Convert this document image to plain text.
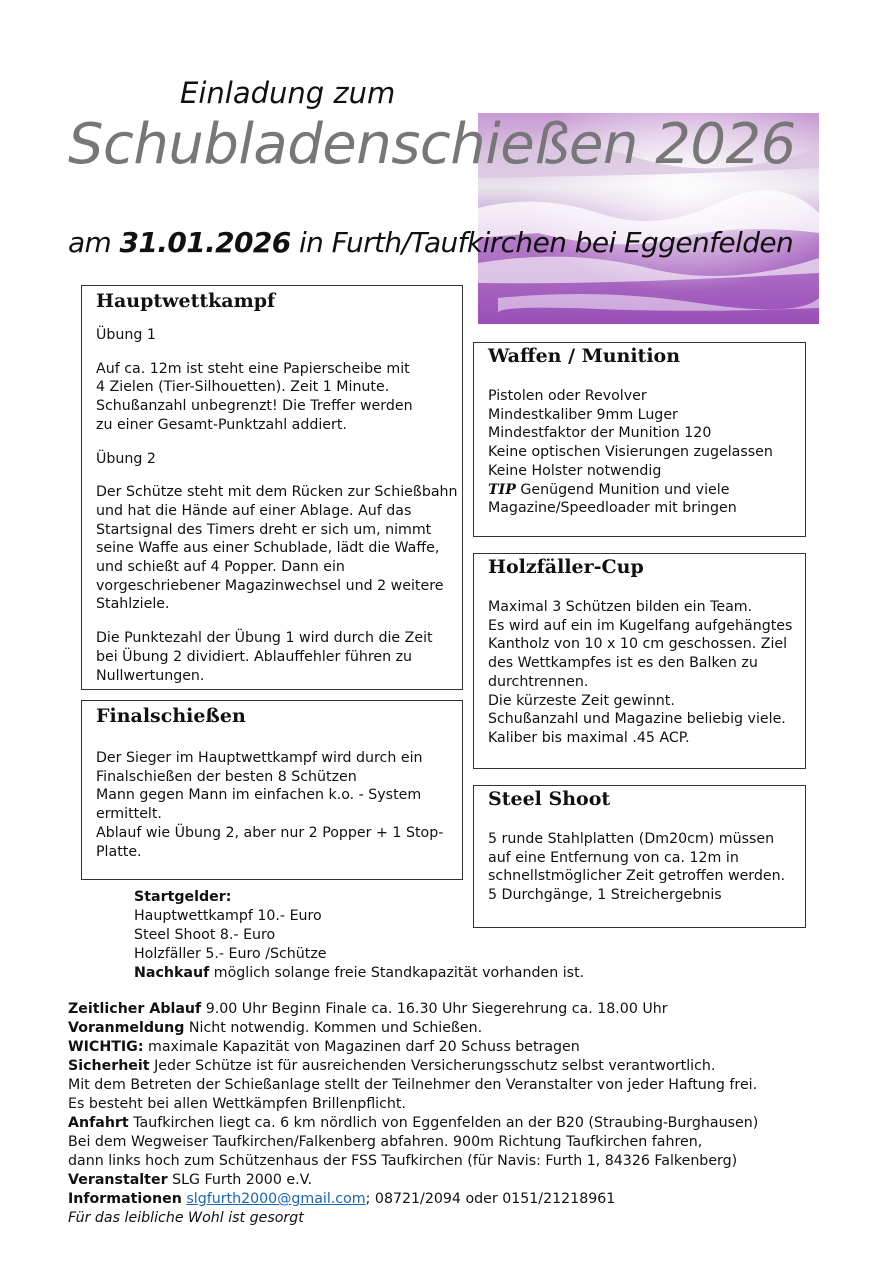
Einladung zum
Schubladenschießen 2026
am 31.01.2026 in Furth/Taufkirchen bei Eggenfelden
Hauptwettkampf

Übung 1

Auf ca. 12m ist steht eine Papierscheibe mit

4 Zielen (Tier-Silhouetten). Zeit 1 Minute.

Schußanzahl unbegrenzt! Die Treffer werden

zu einer Gesamt-Punktzahl addiert.

Übung 2

Der Schütze steht mit dem Rücken zur Schießbahn

und hat die Hände auf einer Ablage. Auf das

Startsignal des Timers dreht er sich um, nimmt

seine Waffe aus einer Schublade, lädt die Waffe,

und schießt auf 4 Popper. Dann ein

vorgeschriebener Magazinwechsel und 2 weitere

Stahlziele.

Die Punktezahl der Übung 1 wird durch die Zeit

bei Übung 2 dividiert. Ablauffehler führen zu

Nullwertungen.

Finalschießen

Der Sieger im Hauptwettkampf wird durch ein

Finalschießen der besten 8 Schützen

Mann gegen Mann im einfachen k.o. - System

ermittelt.

Ablauf wie Übung 2, aber nur 2 Popper + 1 Stop-

Platte.

Waffen / Munition

Pistolen oder Revolver

Mindestkaliber 9mm Luger

Mindestfaktor der Munition 120

Keine optischen Visierungen zugelassen

Keine Holster notwendig

TIP Genügend Munition und viele

Magazine/Speedloader mit bringen

Holzfäller-Cup

Maximal 3 Schützen bilden ein Team.

Es wird auf ein im Kugelfang aufgehängtes

Kantholz von 10 x 10 cm geschossen. Ziel

des Wettkampfes ist es den Balken zu

durchtrennen.

Die kürzeste Zeit gewinnt.

Schußanzahl und Magazine beliebig viele.

Kaliber bis maximal .45 ACP.

Steel Shoot

5 runde Stahlplatten (Dm20cm) müssen

auf eine Entfernung von ca. 12m in

schnellstmöglicher Zeit getroffen werden.

5 Durchgänge, 1 Streichergebnis

Startgelder:
Hauptwettkampf 10.- Euro
Steel Shoot 8.- Euro
Holzfäller 5.- Euro /Schütze
Nachkauf möglich solange freie Standkapazität vorhanden ist.
Zeitlicher Ablauf 9.00 Uhr Beginn Finale ca. 16.30 Uhr Siegerehrung ca. 18.00 Uhr
Voranmeldung Nicht notwendig. Kommen und Schießen.
WICHTIG: maximale Kapazität von Magazinen darf 20 Schuss betragen
Sicherheit Jeder Schütze ist für ausreichenden Versicherungsschutz selbst verantwortlich.
Mit dem Betreten der Schießanlage stellt der Teilnehmer den Veranstalter von jeder Haftung frei.
Es besteht bei allen Wettkämpfen Brillenpflicht.
Anfahrt Taufkirchen liegt ca. 6 km nördlich von Eggenfelden an der B20 (Straubing-Burghausen)
Bei dem Wegweiser Taufkirchen/Falkenberg abfahren. 900m Richtung Taufkirchen fahren,
dann links hoch zum Schützenhaus der FSS Taufkirchen (für Navis: Furth 1, 84326 Falkenberg)
Veranstalter SLG Furth 2000 e.V.
Informationen slgfurth2000@gmail.com; 08721/2094 oder 0151/21218961
Für das leibliche Wohl ist gesorgt
